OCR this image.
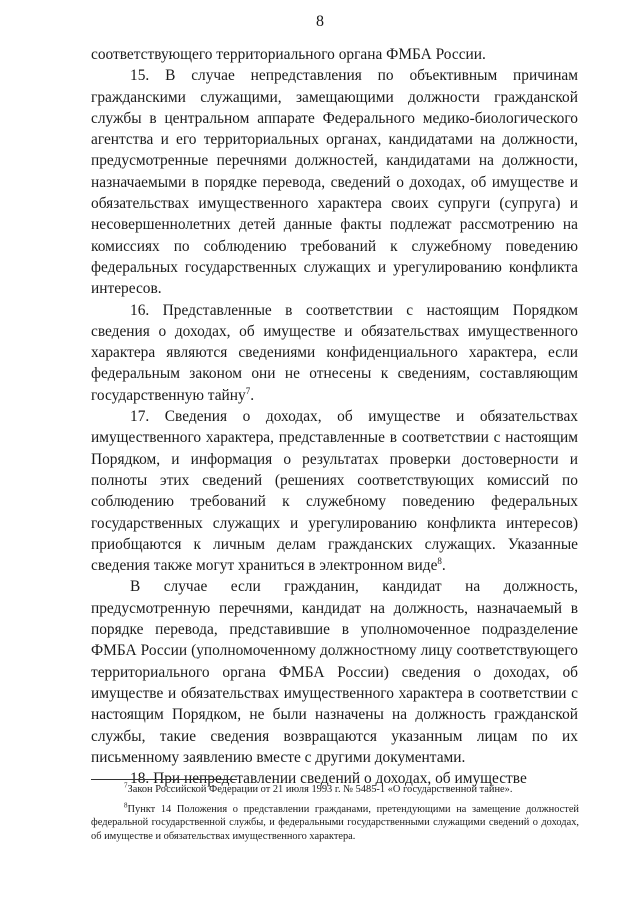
8

соответствующего территориального органа ФМБА России.

15. В случае непредставления по объективным причинам гражданскими служащими, замещающими должности гражданской службы в центральном аппарате Федерального медико-биологического агентства и его территориальных органах, кандидатами на должности, предусмотренные перечнями должностей, кандидатами на должности, назначаемыми в порядке перевода, сведений о доходах, об имуществе и обязательствах имущественного характера своих супруги (супруга) и несовершеннолетних детей данные факты подлежат рассмотрению на комиссиях по соблюдению требований к служебному поведению федеральных государственных служащих и урегулированию конфликта интересов.

16. Представленные в соответствии с настоящим Порядком сведения о доходах, об имуществе и обязательствах имущественного характера являются сведениями конфиденциального характера, если федеральным законом они не отнесены к сведениям, составляющим государственную тайну$^7$.

17. Сведения о доходах, об имуществе и обязательствах имущественного характера, представленные в соответствии с настоящим Порядком, и информация о результатах проверки достоверности и полноты этих сведений (решениях соответствующих комиссий по соблюдению требований к служебному поведению федеральных государственных служащих и урегулированию конфликта интересов) приобщаются к личным делам гражданских служащих. Указанные сведения также могут храниться в электронном виде$^8$.

В случае если гражданин, кандидат на должность, предусмотренную перечнями, кандидат на должность, назначаемый в порядке перевода, представившие в уполномоченное подразделение ФМБА России (уполномоченному должностному лицу соответствующего территориального органа ФМБА России) сведения о доходах, об имуществе и обязательствах имущественного характера в соответствии с настоящим Порядком, не были назначены на должность гражданской службы, такие сведения возвращаются указанным лицам по их письменному заявлению вместе с другими документами.

18. При непредставлении сведений о доходах, об имуществе

$^7$Закон Российской Федерации от 21 июля 1993 г. № 5485-1 «О государственной тайне».

$^8$Пункт 14 Положения о представлении гражданами, претендующими на замещение должностей федеральной государственной службы, и федеральными государственными служащими сведений о доходах, об имуществе и обязательствах имущественного характера.
